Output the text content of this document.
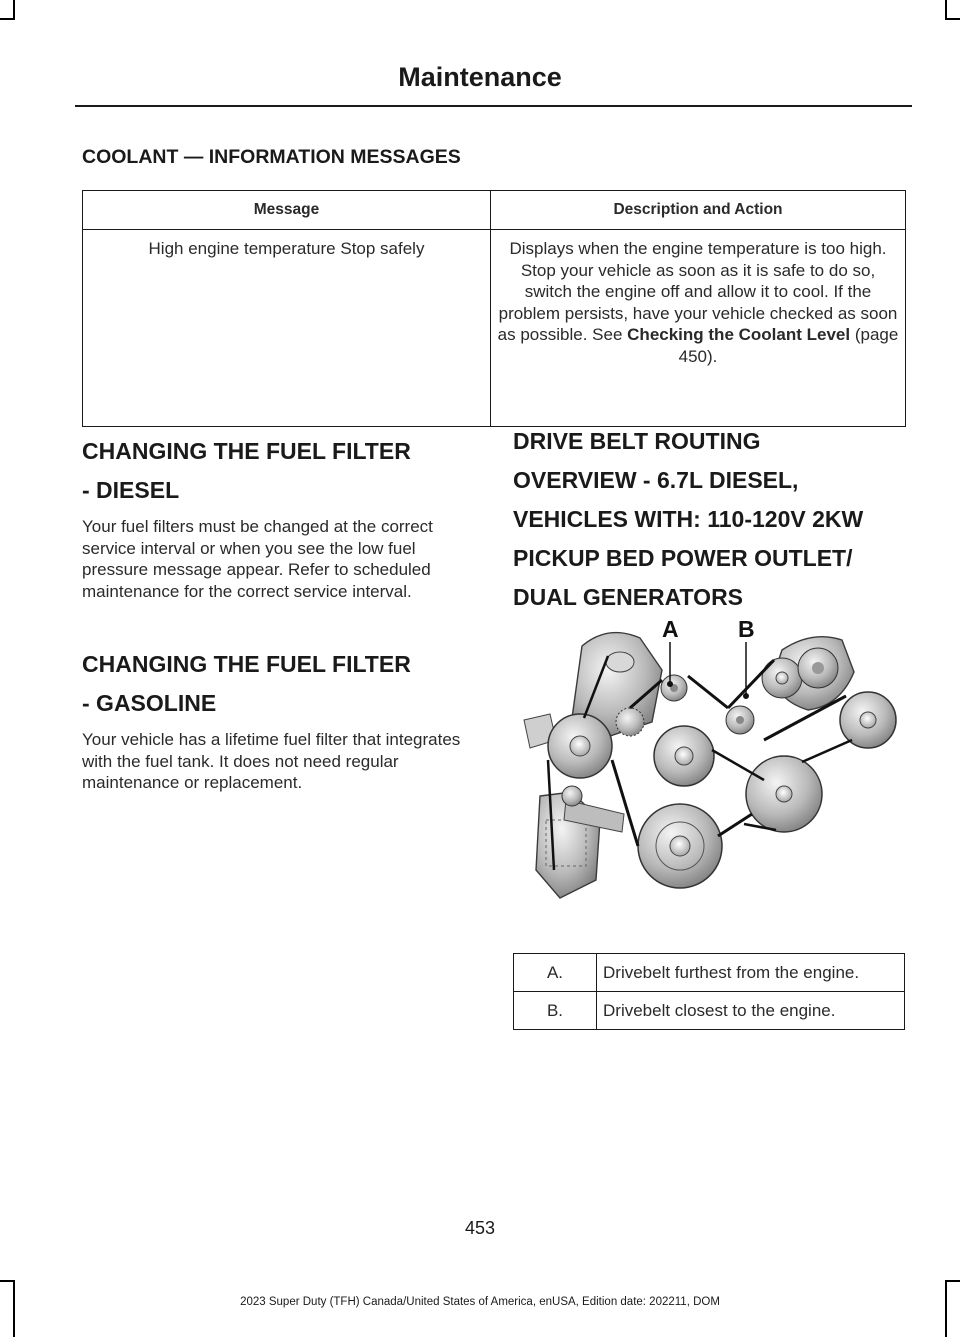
Maintenance
COOLANT — INFORMATION MESSAGES
Message	Description and Action
High engine temperature Stop safely	Displays when the engine temperature is too high. Stop your vehicle as soon as it is safe to do so, switch the engine off and allow it to cool. If the problem persists, have your vehicle checked as soon as possible. See Checking the Coolant Level (page 450).
CHANGING THE FUEL FILTER
- DIESEL
Your fuel filters must be changed at the correct service interval or when you see the low fuel pressure message appear. Refer to scheduled maintenance for the correct service interval.
CHANGING THE FUEL FILTER
- GASOLINE
Your vehicle has a lifetime fuel filter that integrates with the fuel tank. It does not need regular maintenance or replacement.
DRIVE BELT ROUTING
OVERVIEW - 6.7L DIESEL,
VEHICLES WITH: 110-120V 2KW
PICKUP BED POWER OUTLET/
DUAL GENERATORS
A	B
A.	Drivebelt furthest from the engine.
B.	Drivebelt closest to the engine.
453
2023 Super Duty (TFH) Canada/United States of America, enUSA, Edition date: 202211, DOM
